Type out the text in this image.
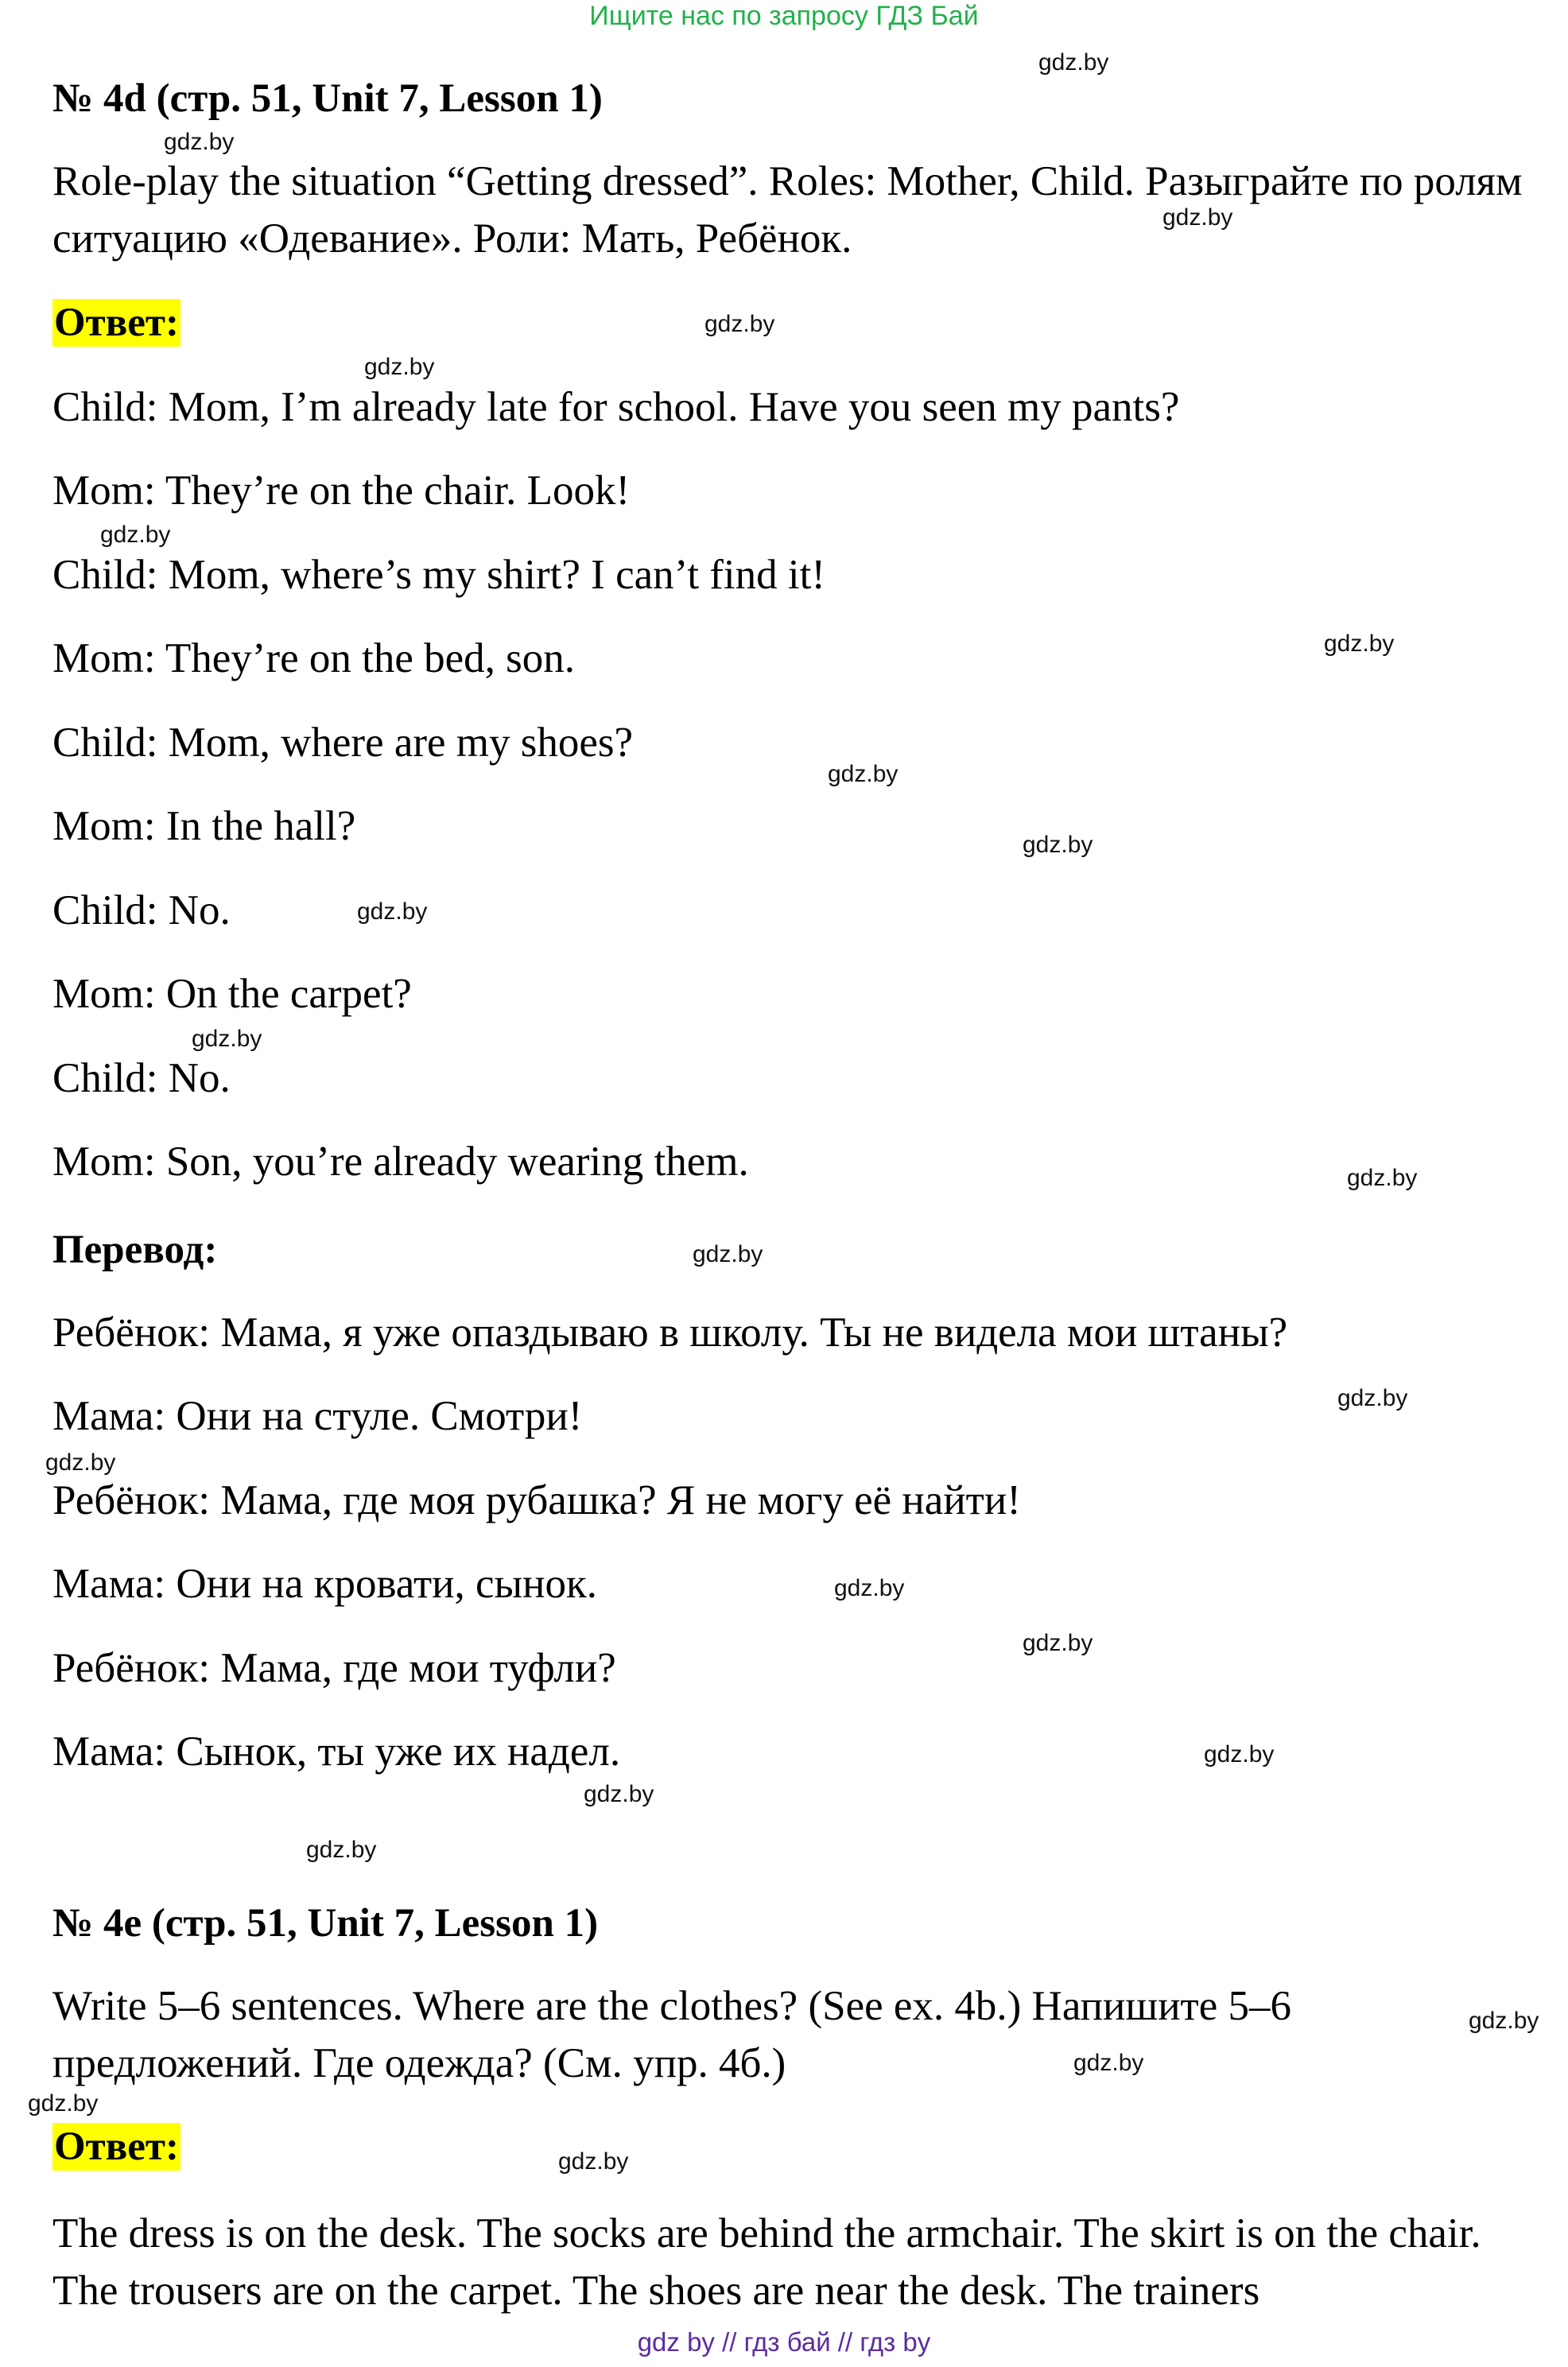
Ищите нас по запросу ГДЗ Бай
№ 4d (стр. 51, Unit 7, Lesson 1)
Role-play the situation “Getting dressed”. Roles: Mother, Child. Разыграйте по ролям ситуацию «Одевание». Роли: Мать, Ребёнок.
Ответ:
Child: Mom, I’m already late for school. Have you seen my pants?
Mom: They’re on the chair. Look!
Child: Mom, where’s my shirt? I can’t find it!
Mom: They’re on the bed, son.
Child: Mom, where are my shoes?
Mom: In the hall?
Child: No.
Mom: On the carpet?
Child: No.
Mom: Son, you’re already wearing them.
Перевод:
Ребёнок: Мама, я уже опаздываю в школу. Ты не видела мои штаны?
Мама: Они на стуле. Смотри!
Ребёнок: Мама, где моя рубашка? Я не могу её найти!
Мама: Они на кровати, сынок.
Ребёнок: Мама, где мои туфли?
Мама: Сынок, ты уже их надел.
№ 4e (стр. 51, Unit 7, Lesson 1)
Write 5–6 sentences. Where are the clothes? (See ex. 4b.) Напишите 5–6 предложений. Где одежда? (См. упр. 4б.)
Ответ:
The dress is on the desk. The socks are behind the armchair. The skirt is on the chair. The trousers are on the carpet. The shoes are near the desk. The trainers
gdz.by
gdz.by
gdz.by
gdz.by
gdz.by
gdz.by
gdz.by
gdz.by
gdz.by
gdz.by
gdz.by
gdz.by
gdz.by
gdz.by
gdz.by
gdz.by
gdz.by
gdz.by
gdz.by
gdz.by
gdz.by
gdz.by
gdz.by
gdz.by
gdz by // гдз бай // гдз by
